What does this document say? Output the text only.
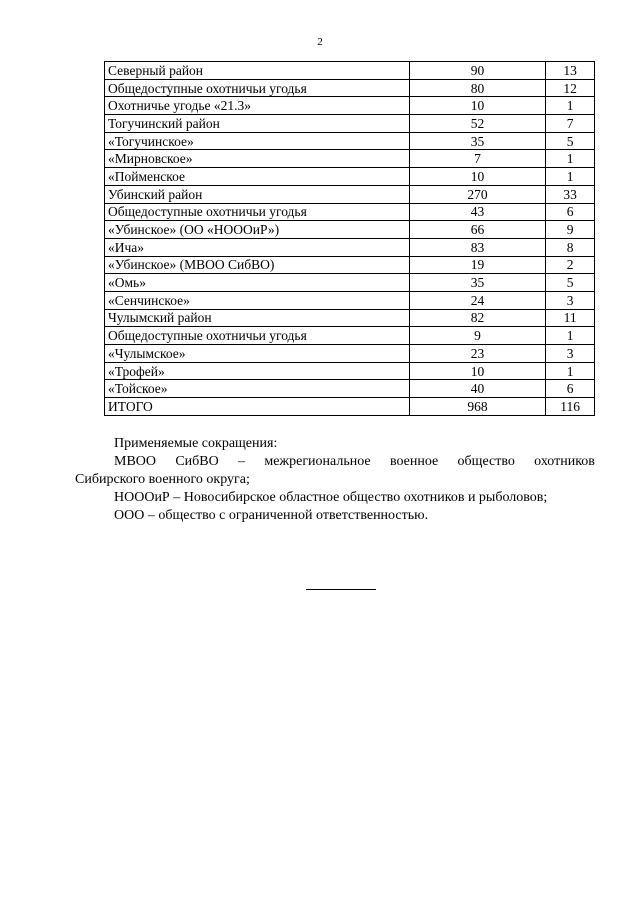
2
Северный район	90	13
Общедоступные охотничьи угодья	80	12
Охотничье угодье «21.3»	10	1
Тогучинский район	52	7
«Тогучинское»	35	5
«Мирновское»	7	1
«Пойменское	10	1
Убинский район	270	33
Общедоступные охотничьи угодья	43	6
«Убинское» (ОО «НОООиР»)	66	9
«Ича»	83	8
«Убинское» (МВОО СибВО)	19	2
«Омь»	35	5
«Сенчинское»	24	3
Чулымский район	82	11
Общедоступные охотничьи угодья	9	1
«Чулымское»	23	3
«Трофей»	10	1
«Тойское»	40	6
ИТОГО	968	116

Применяемые сокращения:

МВОО СибВО – межрегиональное военное общество охотников

Сибирского военного округа;

НОООиР – Новосибирское областное общество охотников и рыболовов;

ООО – общество с ограниченной ответственностью.
